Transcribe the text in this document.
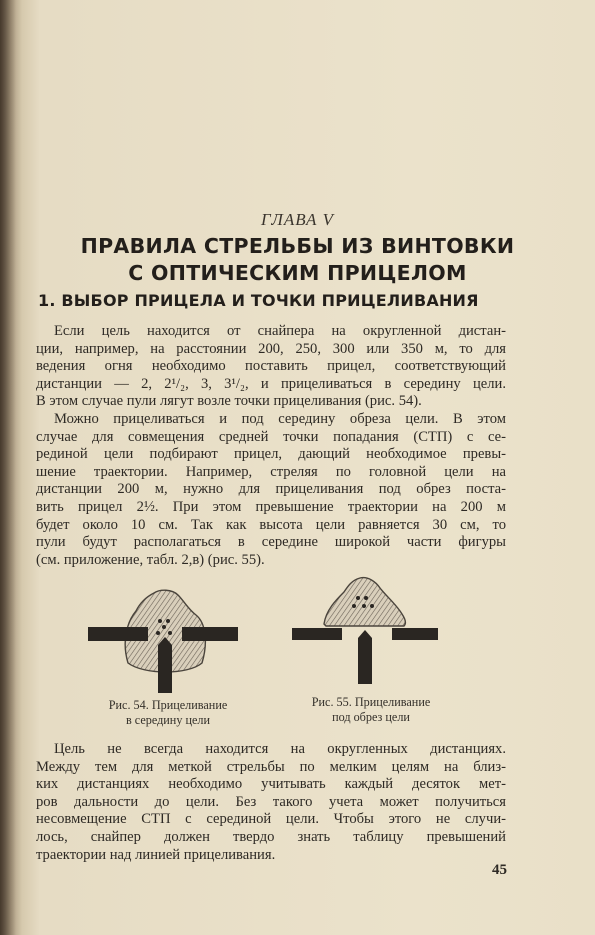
ГЛАВА V
ПРАВИЛА СТРЕЛЬБЫ ИЗ ВИНТОВКИ
С ОПТИЧЕСКИМ ПРИЦЕЛОМ
1. ВЫБОР ПРИЦЕЛА И ТОЧКИ ПРИЦЕЛИВАНИЯ
Если цель находится от снайпера на округленной дистан-
ции, например, на расстоянии 200, 250, 300 или 350 м, то для
ведения огня необходимо поставить прицел, соответствующий
дистанции — 2, 2¹/₂, 3, 3¹/₂, и прицеливаться в середину цели.
В этом случае пули лягут возле точки прицеливания (рис. 54).
Можно прицеливаться и под середину обреза цели. В этом
случае для совмещения средней точки попадания (СТП) с се-
рединой цели подбирают прицел, дающий необходимое превы-
шение траектории. Например, стреляя по головной цели на
дистанции 200 м, нужно для прицеливания под обрез поста-
вить прицел 2½. При этом превышение траектории на 200 м
будет около 10 см. Так как высота цели равняется 30 см, то
пули будут располагаться в середине широкой части фигуры
(см. приложение, табл. 2,в) (рис. 55).
Рис. 54. Прицеливание
в середину цели
Рис. 55. Прицеливание
под обрез цели
Цель не всегда находится на округленных дистанциях.
Между тем для меткой стрельбы по мелким целям на близ-
ких дистанциях необходимо учитывать каждый десяток мет-
ров дальности до цели. Без такого учета может получиться
несовмещение СТП с серединой цели. Чтобы этого не случи-
лось, снайпер должен твердо знать таблицу превышений
траектории над линией прицеливания.
45
